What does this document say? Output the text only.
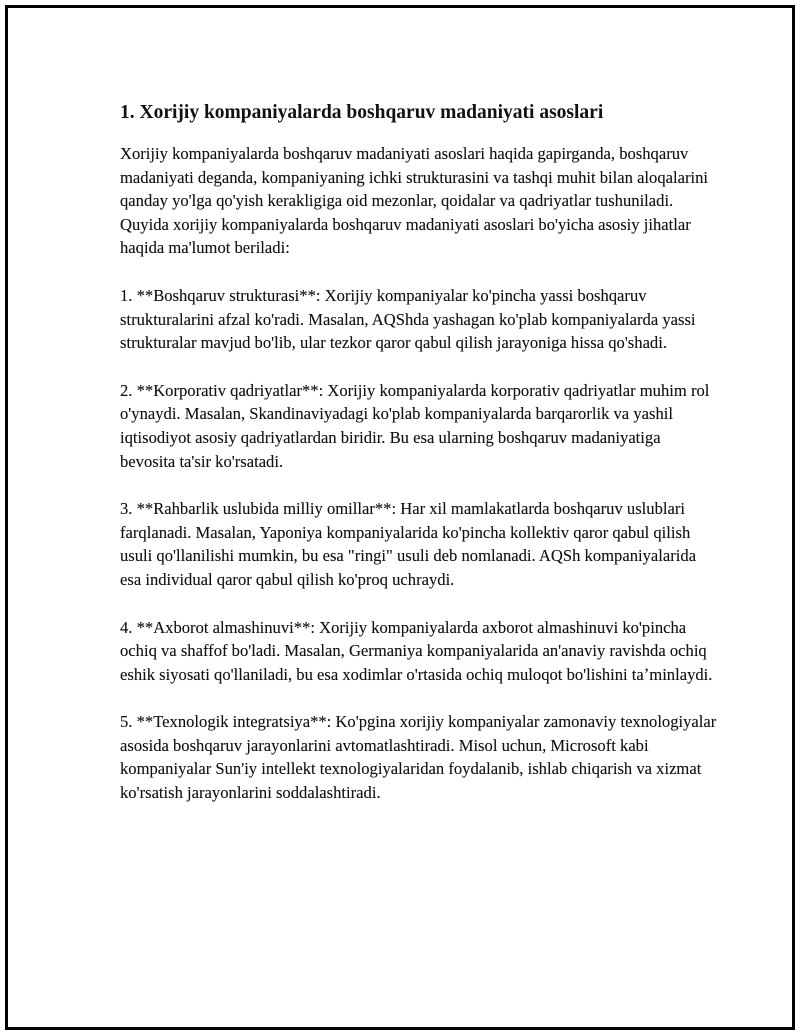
1. Xorijiy kompaniyalarda boshqaruv madaniyati asoslari

Xorijiy kompaniyalarda boshqaruv madaniyati asoslari haqida gapirganda, boshqaruv madaniyati deganda, kompaniyaning ichki strukturasini va tashqi muhit bilan aloqalarini qanday yo'lga qo'yish kerakligiga oid mezonlar, qoidalar va qadriyatlar tushuniladi. Quyida xorijiy kompaniyalarda boshqaruv madaniyati asoslari bo'yicha asosiy jihatlar haqida ma'lumot beriladi:

1. **Boshqaruv strukturasi**: Xorijiy kompaniyalar ko'pincha yassi boshqaruv strukturalarini afzal ko'radi. Masalan, AQShda yashagan ko'plab kompaniyalarda yassi strukturalar mavjud bo'lib, ular tezkor qaror qabul qilish jarayoniga hissa qo'shadi.

2. **Korporativ qadriyatlar**: Xorijiy kompaniyalarda korporativ qadriyatlar muhim rol o'ynaydi. Masalan, Skandinaviyadagi ko'plab kompaniyalarda barqarorlik va yashil iqtisodiyot asosiy qadriyatlardan biridir. Bu esa ularning boshqaruv madaniyatiga bevosita ta'sir ko'rsatadi.

3. **Rahbarlik uslubida milliy omillar**: Har xil mamlakatlarda boshqaruv uslublari farqlanadi. Masalan, Yaponiya kompaniyalarida ko'pincha kollektiv qaror qabul qilish usuli qo'llanilishi mumkin, bu esa "ringi" usuli deb nomlanadi. AQSh kompaniyalarida esa individual qaror qabul qilish ko'proq uchraydi.

4. **Axborot almashinuvi**: Xorijiy kompaniyalarda axborot almashinuvi ko'pincha ochiq va shaffof bo'ladi. Masalan, Germaniya kompaniyalarida an'anaviy ravishda ochiq eshik siyosati qo'llaniladi, bu esa xodimlar o'rtasida ochiq muloqot bo'lishini taʼminlaydi.

5. **Texnologik integratsiya**: Ko'pgina xorijiy kompaniyalar zamonaviy texnologiyalar asosida boshqaruv jarayonlarini avtomatlashtiradi. Misol uchun, Microsoft kabi kompaniyalar Sun'iy intellekt texnologiyalaridan foydalanib, ishlab chiqarish va xizmat ko'rsatish jarayonlarini soddalashtiradi.
